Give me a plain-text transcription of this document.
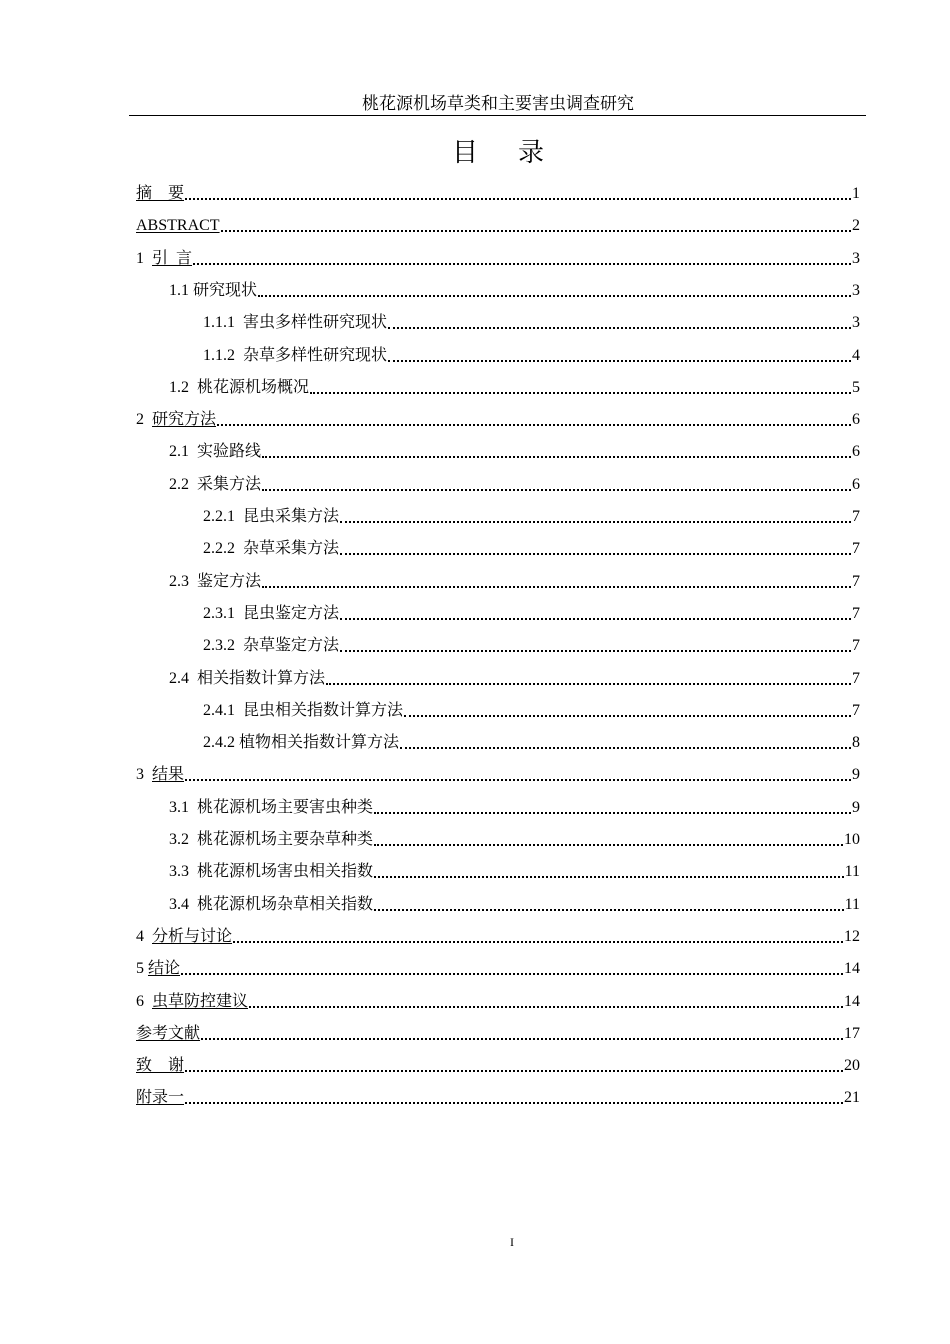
桃花源机场草类和主要害虫调查研究
目录
摘    要	1
ABSTRACT	2
1  引  言	3
1.1 研究现状	3
1.1.1  害虫多样性研究现状	3
1.1.2  杂草多样性研究现状	4
1.2  桃花源机场概况	5
2  研究方法	6
2.1  实验路线	6
2.2  采集方法	6
2.2.1  昆虫采集方法	7
2.2.2  杂草采集方法	7
2.3  鉴定方法	7
2.3.1  昆虫鉴定方法	7
2.3.2  杂草鉴定方法	7
2.4  相关指数计算方法	7
2.4.1  昆虫相关指数计算方法	7
2.4.2 植物相关指数计算方法	8
3  结果	9
3.1  桃花源机场主要害虫种类	9
3.2  桃花源机场主要杂草种类	10
3.3  桃花源机场害虫相关指数	11
3.4  桃花源机场杂草相关指数	11
4  分析与讨论	12
5 结论	14
6  虫草防控建议	14
参考文献	17
致    谢	20
附录一	21
I
